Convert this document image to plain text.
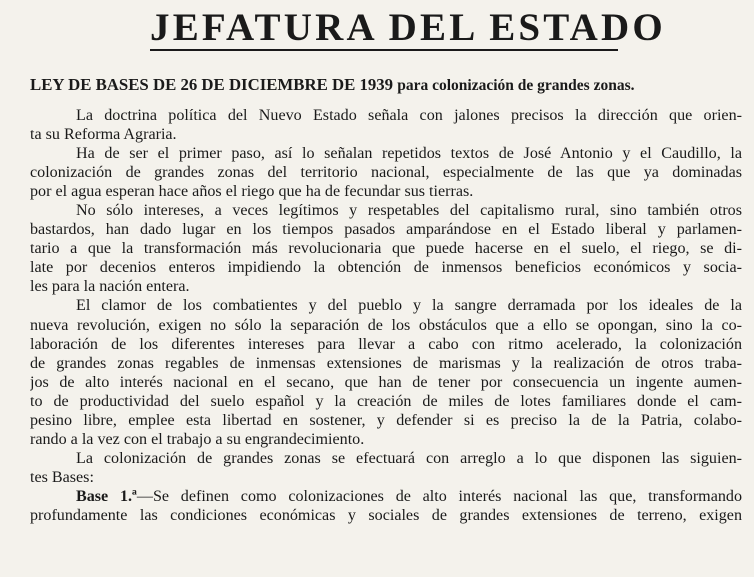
JEFATURA DEL ESTADO
LEY DE BASES DE 26 DE DICIEMBRE DE 1939 para colonización de grandes zonas.
La doctrina política del Nuevo Estado señala con jalones precisos la dirección que orien-
ta su Reforma Agraria.
Ha de ser el primer paso, así lo señalan repetidos textos de José Antonio y el Caudillo, la
colonización de grandes zonas del territorio nacional, especialmente de las que ya dominadas
por el agua esperan hace años el riego que ha de fecundar sus tierras.
No sólo intereses, a veces legítimos y respetables del capitalismo rural, sino también otros
bastardos, han dado lugar en los tiempos pasados amparándose en el Estado liberal y parlamen-
tario a que la transformación más revolucionaria que puede hacerse en el suelo, el riego, se di-
late por decenios enteros impidiendo la obtención de inmensos beneficios económicos y socia-
les para la nación entera.
El clamor de los combatientes y del pueblo y la sangre derramada por los ideales de la
nueva revolución, exigen no sólo la separación de los obstáculos que a ello se opongan, sino la co-
laboración de los diferentes intereses para llevar a cabo con ritmo acelerado, la colonización
de grandes zonas regables de inmensas extensiones de marismas y la realización de otros traba-
jos de alto interés nacional en el secano, que han de tener por consecuencia un ingente aumen-
to de productividad del suelo español y la creación de miles de lotes familiares donde el cam-
pesino libre, emplee esta libertad en sostener, y defender si es preciso la de la Patria, colabo-
rando a la vez con el trabajo a su engrandecimiento.
La colonización de grandes zonas se efectuará con arreglo a lo que disponen las siguien-
tes Bases:
Base 1.ª—Se definen como colonizaciones de alto interés nacional las que, transformando
profundamente las condiciones económicas y sociales de grandes extensiones de terreno, exigen
